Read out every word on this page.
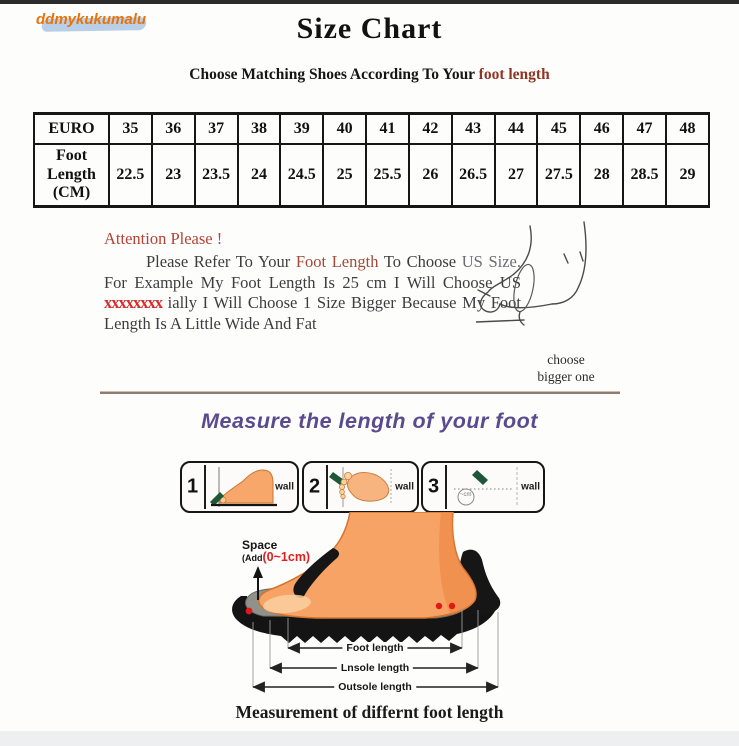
ddmykukumalu	Size Chart
Choose Matching Shoes According To Your foot length
EURO	35	36	37	38	39	40	41	42	43	44	45	46	47	48
Foot
Length
(CM)	22.5	23	23.5	24	24.5	25	25.5	26	26.5	27	27.5	28	28.5	29

Attention Please !

Please Refer To Your Foot Length To Choose US Size. For Example My Foot Length Is 25 cm I Will Choose US xxxxxxxx ially I Will Choose 1 Size Bigger Because My Foot Length Is A Little Wide And Fat

choose
bigger one
Measure the length of your foot
1	wall 2	wall 3	~cm
wall
Space
(Add(0~1cm)
Foot length
Lnsole length
Outsole length
Measurement of differnt foot length
